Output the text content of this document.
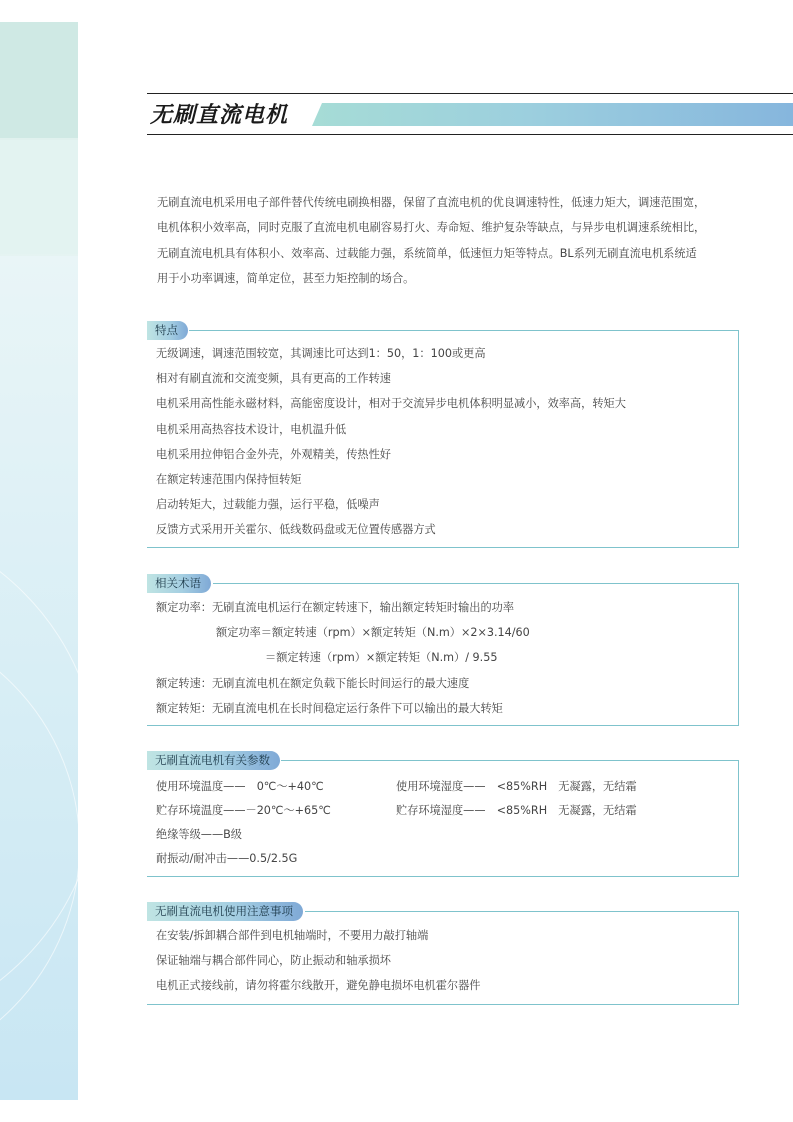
无刷直流电机

无刷直流电机采用电子部件替代传统电刷换相器，保留了直流电机的优良调速特性，低速力矩大，调速范围宽，

电机体积小效率高，同时克服了直流电机电刷容易打火、寿命短、维护复杂等缺点，与异步电机调速系统相比，

无刷直流电机具有体积小、效率高、过载能力强，系统简单，低速恒力矩等特点。BL系列无刷直流电机系统适

用于小功率调速，简单定位，甚至力矩控制的场合。

特点
无级调速，调速范围较宽，其调速比可达到1：50，1：100或更高
相对有刷直流和交流变频，具有更高的工作转速
电机采用高性能永磁材料，高能密度设计，相对于交流异步电机体积明显减小，效率高，转矩大
电机采用高热容技术设计，电机温升低
电机采用拉伸铝合金外壳，外观精美，传热性好
在额定转速范围内保持恒转矩
启动转矩大，过载能力强，运行平稳，低噪声
反馈方式采用开关霍尔、低线数码盘或无位置传感器方式
相关术语
额定功率：无刷直流电机运行在额定转速下，输出额定转矩时输出的功率
额定功率＝额定转速（rpm）×额定转矩（N.m）×2×3.14/60
＝额定转速（rpm）×额定转矩（N.m）/ 9.55
额定转速：无刷直流电机在额定负载下能长时间运行的最大速度
额定转矩：无刷直流电机在长时间稳定运行条件下可以输出的最大转矩
无刷直流电机有关参数
使用环境温度——　0℃～+40℃	使用环境湿度——　<85%RH　无凝露，无结霜
贮存环境温度——－20℃～+65℃	贮存环境湿度——　<85%RH　无凝露，无结霜
绝缘等级——B级
耐振动/耐冲击——0.5/2.5G
无刷直流电机使用注意事项
在安装/拆卸耦合部件到电机轴端时，不要用力敲打轴端
保证轴端与耦合部件同心，防止振动和轴承损坏
电机正式接线前，请勿将霍尔线散开，避免静电损坏电机霍尔器件
